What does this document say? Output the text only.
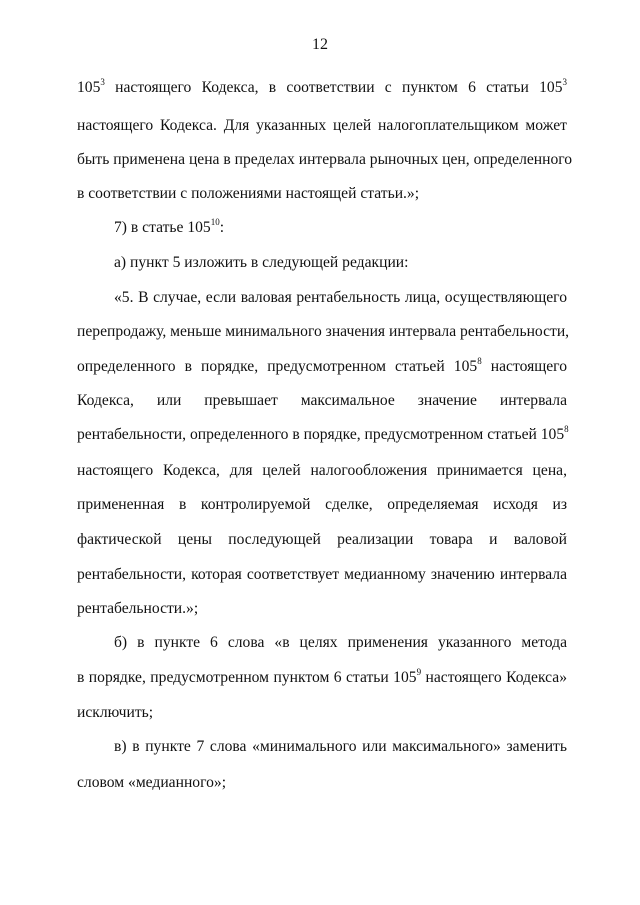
12
$105^3$ настоящего Кодекса, в соответствии с пунктом 6 статьи $105^3$
настоящего Кодекса. Для указанных целей налогоплательщиком может
быть применена цена в пределах интервала рыночных цен, определенного
в соответствии с положениями настоящей статьи.»;
7) в статье $105^{10}$:
а) пункт 5 изложить в следующей редакции:
«5. В случае, если валовая рентабельность лица, осуществляющего
перепродажу, меньше минимального значения интервала рентабельности,
определенного в порядке, предусмотренном статьей $105^8$ настоящего
Кодекса, или превышает максимальное значение интервала
рентабельности, определенного в порядке, предусмотренном статьей $105^8$
настоящего Кодекса, для целей налогообложения принимается цена,
примененная в контролируемой сделке, определяемая исходя из
фактической цены последующей реализации товара и валовой
рентабельности, которая соответствует медианному значению интервала
рентабельности.»;
б) в пункте 6 слова «в целях применения указанного метода
в порядке, предусмотренном пунктом 6 статьи $105^9$ настоящего Кодекса»
исключить;
в) в пункте 7 слова «минимального или максимального» заменить
словом «медианного»;
